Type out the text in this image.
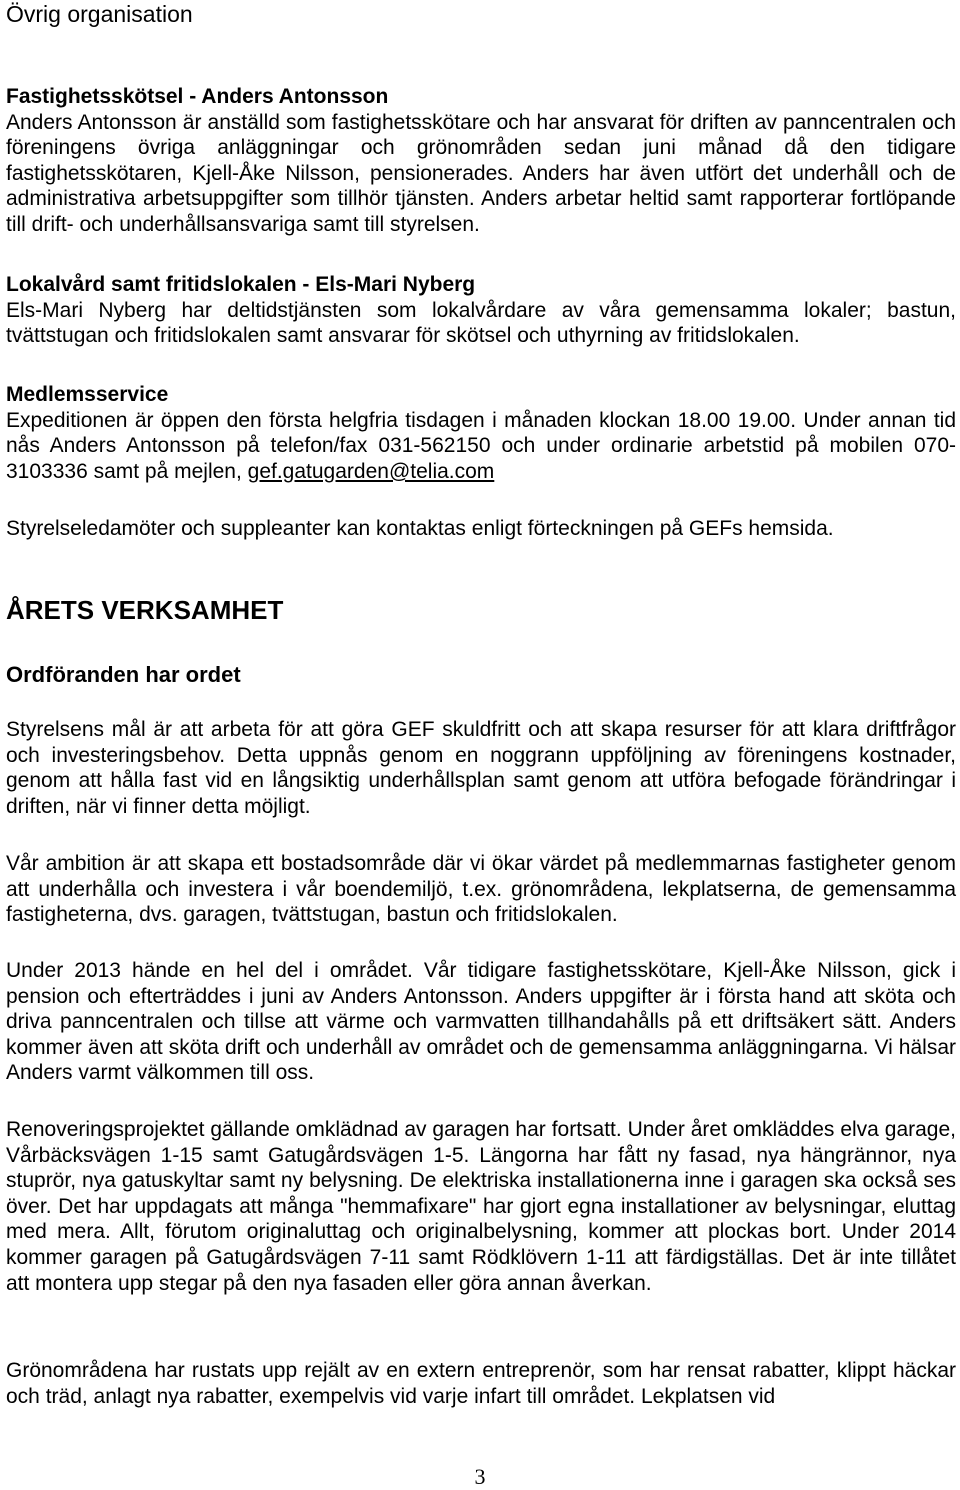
Övrig organisation
Fastighetsskötsel - Anders Antonsson
Anders Antonsson är anställd som fastighetsskötare och har ansvarat för driften av panncentralen och föreningens övriga anläggningar och grönområden sedan juni månad då den tidigare fastighetsskötaren, Kjell-Åke Nilsson, pensionerades. Anders har även utfört det underhåll och de administrativa arbetsuppgifter som tillhör tjänsten. Anders arbetar heltid samt rapporterar fortlöpande till drift- och underhållsansvariga samt till styrelsen.
Lokalvård samt fritidslokalen - Els-Mari Nyberg
Els-Mari Nyberg har deltidstjänsten som lokalvårdare av våra gemensamma lokaler; bastun, tvättstugan och fritidslokalen samt ansvarar för skötsel och uthyrning av fritidslokalen.
Medlemsservice
Expeditionen är öppen den första helgfria tisdagen i månaden klockan 18.00 19.00. Under annan tid nås Anders Antonsson på telefon/fax 031-562150 och under ordinarie arbetstid på mobilen 070-3103336 samt på mejlen, gef.gatugarden@telia.com
Styrelseledamöter och suppleanter kan kontaktas enligt förteckningen på GEFs hemsida.
ÅRETS VERKSAMHET
Ordföranden har ordet
Styrelsens mål är att arbeta för att göra GEF skuldfritt och att skapa resurser för att klara driftfrågor och investeringsbehov. Detta uppnås genom en noggrann uppföljning av föreningens kostnader, genom att hålla fast vid en långsiktig underhållsplan samt genom att utföra befogade förändringar i driften, när vi finner detta möjligt.
Vår ambition är att skapa ett bostadsområde där vi ökar värdet på medlemmarnas fastigheter genom att underhålla och investera i vår boendemiljö, t.ex. grönområdena, lekplatserna, de gemensamma fastigheterna, dvs. garagen, tvättstugan, bastun och fritidslokalen.
Under 2013 hände en hel del i området. Vår tidigare fastighetsskötare, Kjell-Åke Nilsson, gick i pension och efterträddes i juni av Anders Antonsson. Anders uppgifter är i första hand att sköta och driva panncentralen och tillse att värme och varmvatten tillhandahålls på ett driftsäkert sätt. Anders kommer även att sköta drift och underhåll av området och de gemensamma anläggningarna. Vi hälsar Anders varmt välkommen till oss.
Renoveringsprojektet gällande omklädnad av garagen har fortsatt. Under året omkläddes elva garage, Vårbäcksvägen 1-15 samt Gatugårdsvägen 1-5. Längorna har fått ny fasad, nya hängrännor, nya stuprör, nya gatuskyltar samt ny belysning. De elektriska installationerna inne i garagen ska också ses över. Det har uppdagats att många "hemmafixare" har gjort egna installationer av belysningar, eluttag med mera. Allt, förutom originaluttag och originalbelysning, kommer att plockas bort. Under 2014 kommer garagen på Gatugårdsvägen 7-11 samt Rödklövern 1-11 att färdigställas. Det är inte tillåtet att montera upp stegar på den nya fasaden eller göra annan åverkan.
Grönområdena har rustats upp rejält av en extern entreprenör, som har rensat rabatter, klippt häckar och träd, anlagt nya rabatter, exempelvis vid varje infart till området. Lekplatsen vid
3
